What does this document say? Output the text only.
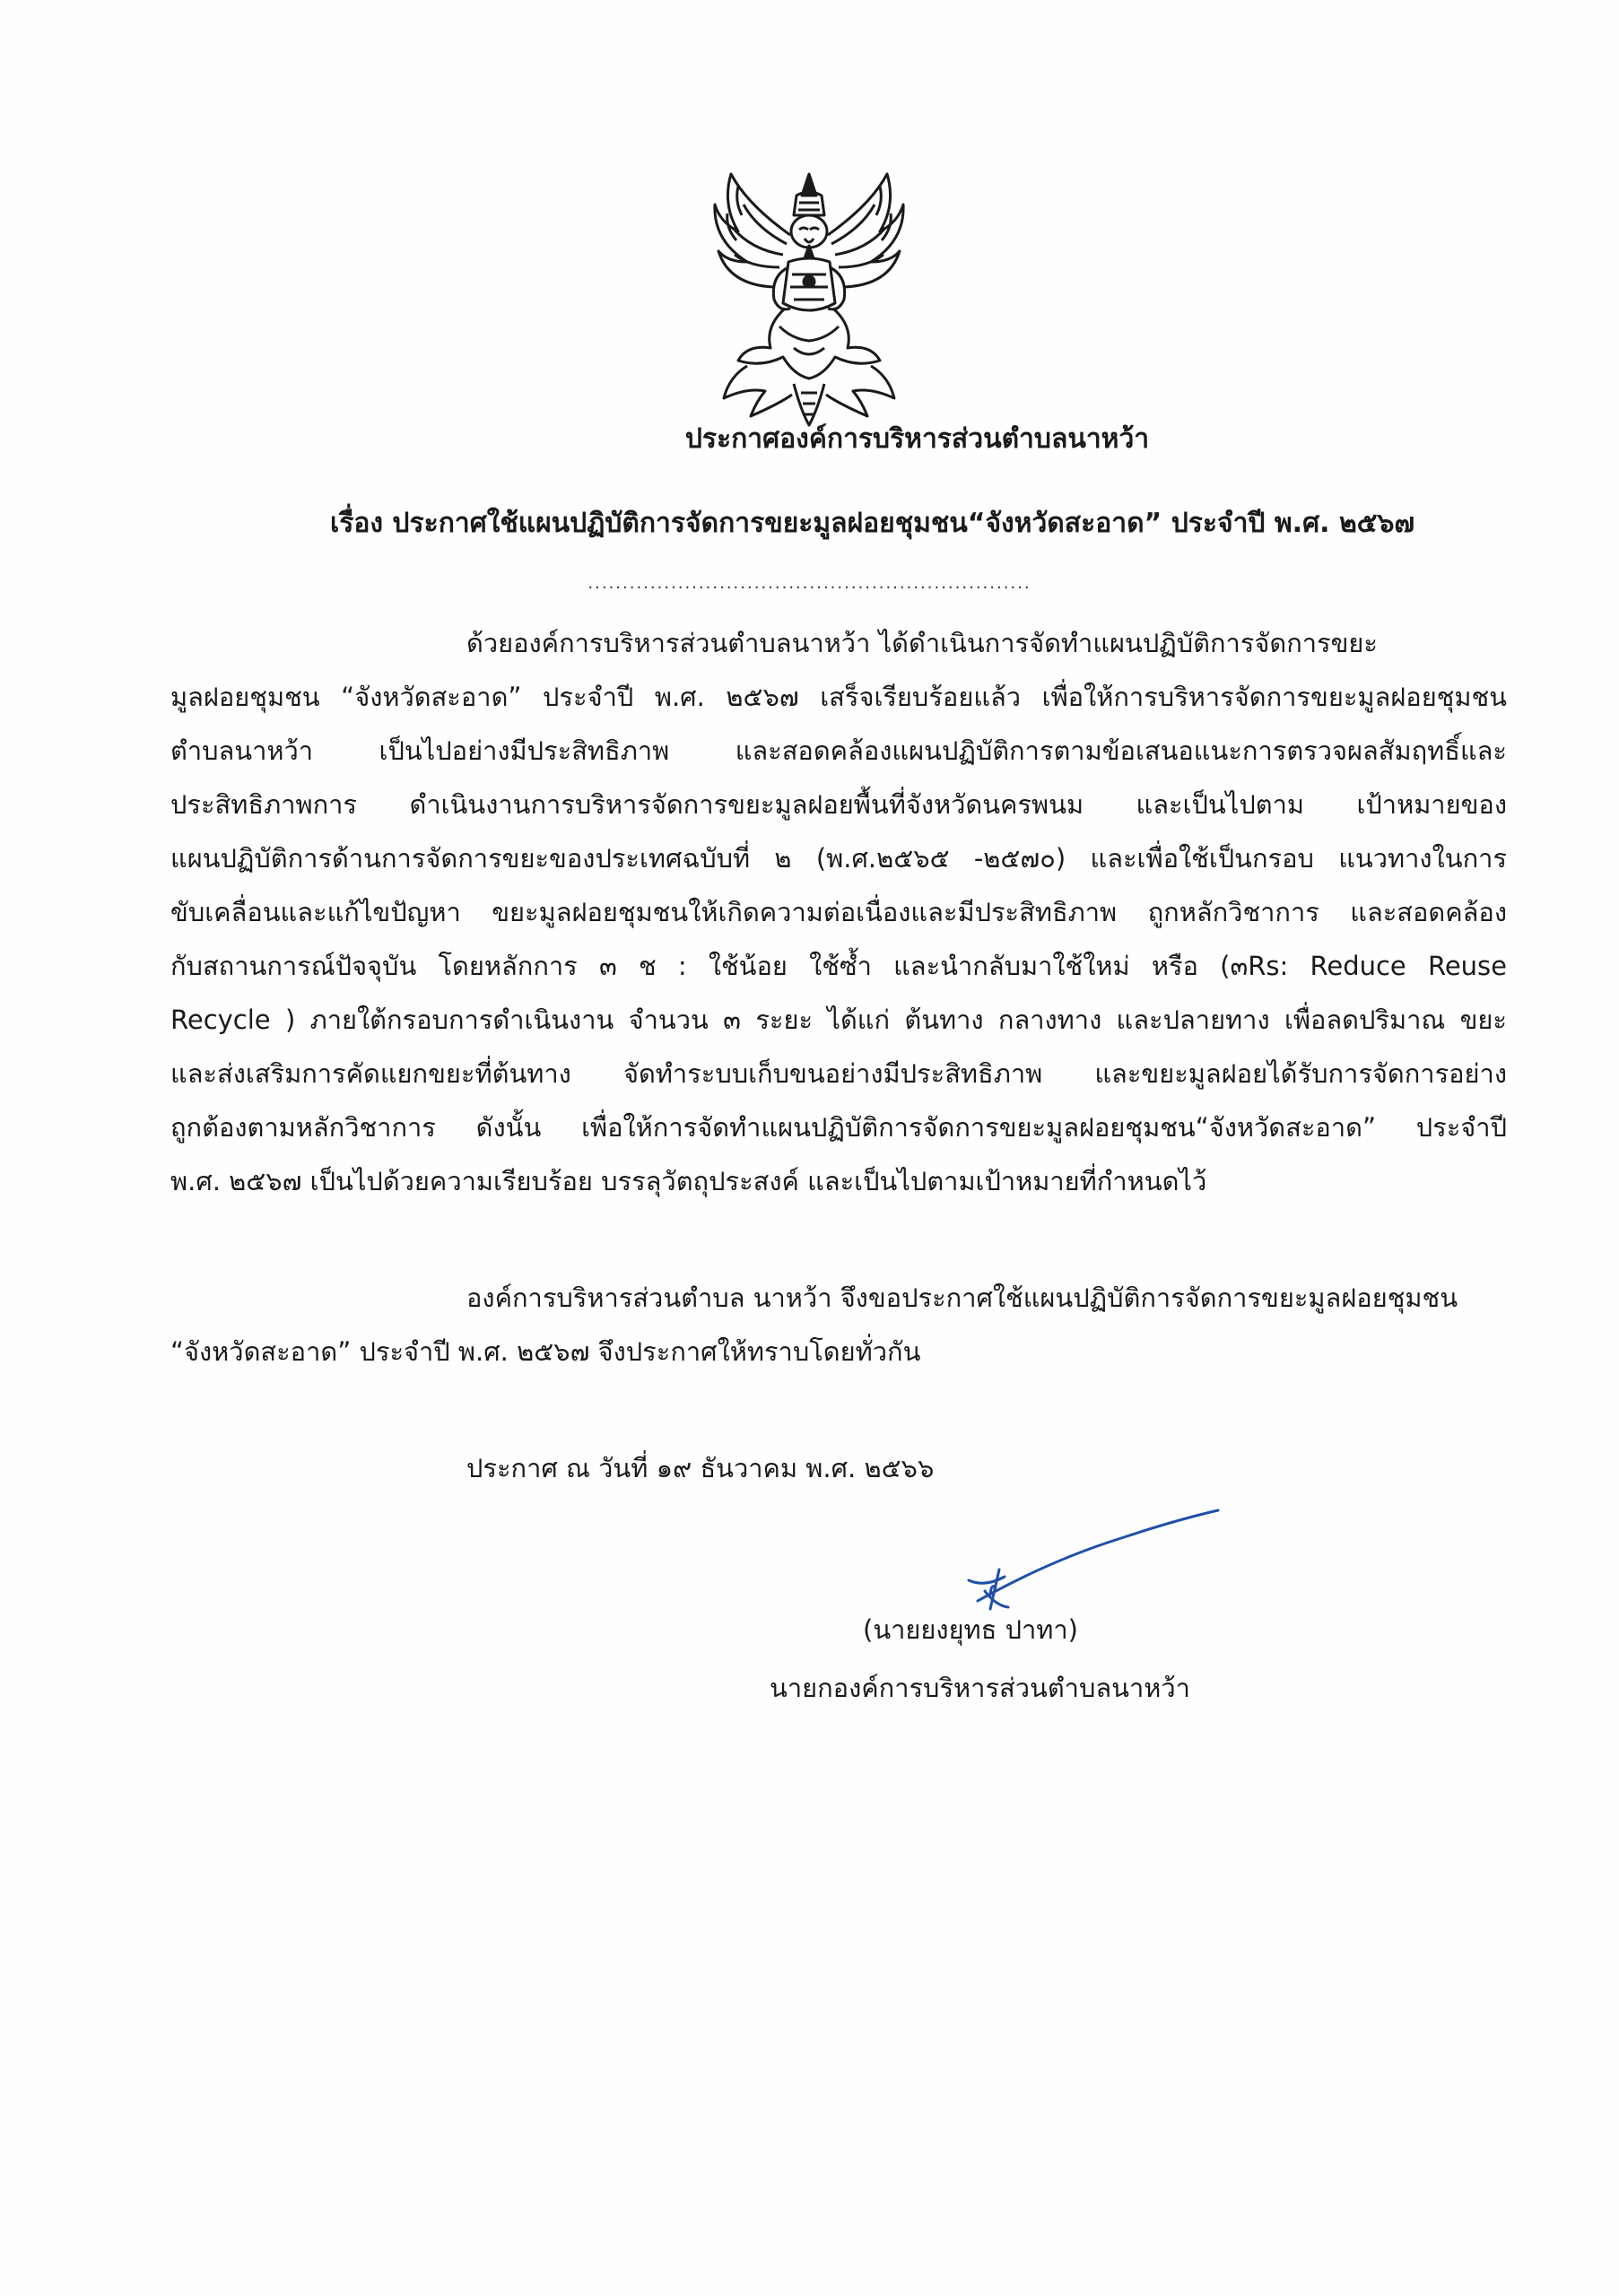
ประกาศองค์การบริหารส่วนตำบลนาหว้า
เรื่อง ประกาศใช้แผนปฏิบัติการจัดการขยะมูลฝอยชุมชน“จังหวัดสะอาด” ประจำปี พ.ศ. ๒๕๖๗
................................................................
ด้วยองค์การบริหารส่วนตำบลนาหว้า ได้ดำเนินการจัดทำแผนปฏิบัติการจัดการขยะ
มูลฝอยชุมชน “จังหวัดสะอาด” ประจำปี พ.ศ. ๒๕๖๗ เสร็จเรียบร้อยแล้ว เพื่อให้การบริหารจัดการขยะมูลฝอยชุมชน
ตำบลนาหว้า เป็นไปอย่างมีประสิทธิภาพ และสอดคล้องแผนปฏิบัติการตามข้อเสนอแนะการตรวจผลสัมฤทธิ์และ
ประสิทธิภาพการ ดำเนินงานการบริหารจัดการขยะมูลฝอยพื้นที่จังหวัดนครพนม และเป็นไปตาม เป้าหมายของ
แผนปฏิบัติการด้านการจัดการขยะของประเทศฉบับที่ ๒ (พ.ศ.๒๕๖๕ -๒๕๗๐) และเพื่อใช้เป็นกรอบ แนวทางในการ
ขับเคลื่อนและแก้ไขปัญหา ขยะมูลฝอยชุมชนให้เกิดความต่อเนื่องและมีประสิทธิภาพ ถูกหลักวิชาการ และสอดคล้อง
กับสถานการณ์ปัจจุบัน โดยหลักการ ๓ ช : ใช้น้อย ใช้ซ้ำ และนำกลับมาใช้ใหม่ หรือ (๓Rs: Reduce Reuse
Recycle ) ภายใต้กรอบการดำเนินงาน จำนวน ๓ ระยะ ได้แก่ ต้นทาง กลางทาง และปลายทาง เพื่อลดปริมาณ ขยะ
และส่งเสริมการคัดแยกขยะที่ต้นทาง จัดทำระบบเก็บขนอย่างมีประสิทธิภาพ และขยะมูลฝอยได้รับการจัดการอย่าง
ถูกต้องตามหลักวิชาการ ดังนั้น เพื่อให้การจัดทำแผนปฏิบัติการจัดการขยะมูลฝอยชุมชน“จังหวัดสะอาด” ประจำปี
พ.ศ. ๒๕๖๗ เป็นไปด้วยความเรียบร้อย บรรลุวัตถุประสงค์ และเป็นไปตามเป้าหมายที่กำหนดไว้
องค์การบริหารส่วนตำบล นาหว้า จึงขอประกาศใช้แผนปฏิบัติการจัดการขยะมูลฝอยชุมชน
“จังหวัดสะอาด” ประจำปี พ.ศ. ๒๕๖๗ จึงประกาศให้ทราบโดยทั่วกัน
ประกาศ ณ วันที่ ๑๙ ธันวาคม พ.ศ. ๒๕๖๖
(นายยงยุทธ ปาทา)
นายกองค์การบริหารส่วนตำบลนาหว้า
